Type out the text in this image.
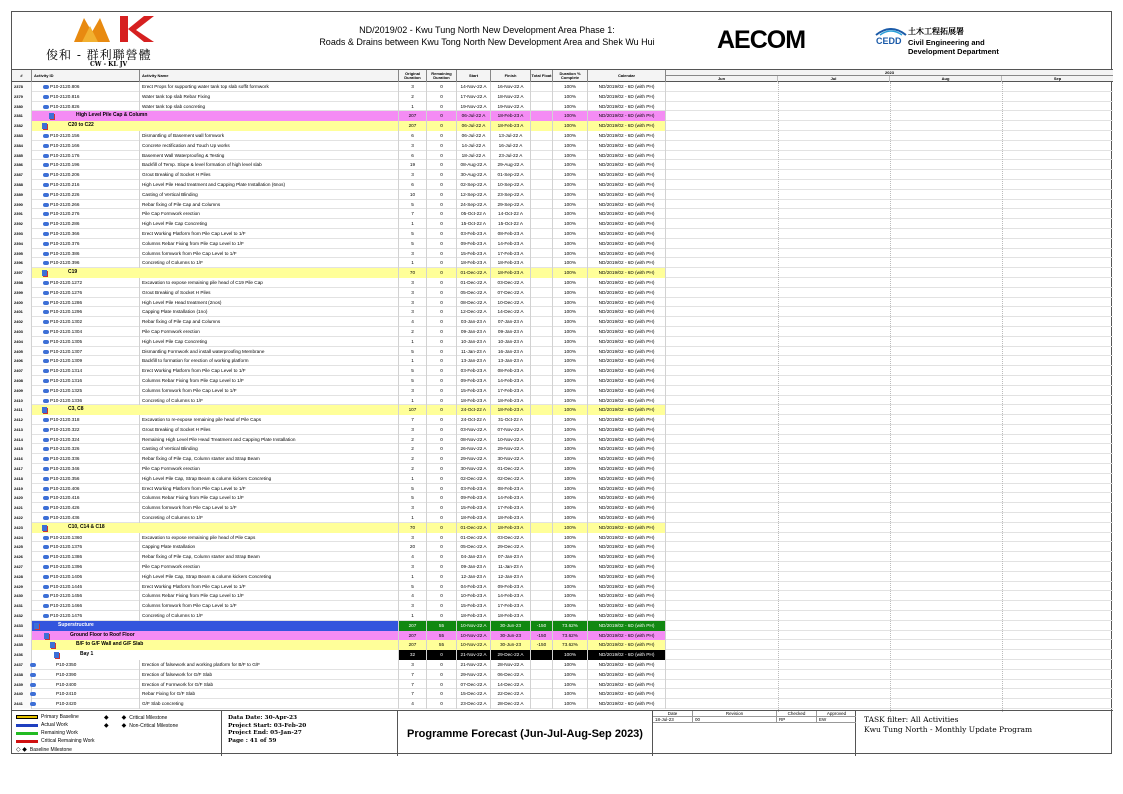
俊和 - 群利聯營體
CW - KL JV
ND/2019/02 - Kwu Tung North New Development Area Phase 1:
Roads & Drains between Kwu Tong North New Development Area and Shek Wu Hui	AECOM	CEDD
土木工程拓展署
Civil Engineering and
Development Department
#	Activity ID	Activity Name	Original Duration
Remaining Duration	Start	Finish	Total Float	Duration % Complete	Calendar
2023
Jun	Jul	Aug	Sep
2378	P10-2120.806	Erect Props for supporting water tank top slab soffit formwork	3	0	14-Nov-22 A	16-Nov-22 A	100%	ND/2019/02 - 6D (with PH)
2379	P10-2120.816	Water tank top slab Rebar Fixing	2	0	17-Nov-22 A	18-Nov-22 A	100%	ND/2019/02 - 6D (with PH)
2380	P10-2120.826	Water tank top slab concreting	1	0	19-Nov-22 A	19-Nov-22 A	100%	ND/2019/02 - 6D (with PH)
2381	High Level Pile Cap & Column	207	0	06-Jul-22 A	18-Feb-23 A	100%	ND/2019/02 - 6D (with PH)
2382	C20 to C22	207	0	06-Jul-22 A	18-Feb-23 A	100%	ND/2019/02 - 6D (with PH)
2383	P10-2120.156	Dismantling of Basement wall formwork	6	0	06-Jul-22 A	13-Jul-22 A	100%	ND/2019/02 - 6D (with PH)
2384	P10-2120.166	Concrete rectification and Touch Up works	3	0	14-Jul-22 A	16-Jul-22 A	100%	ND/2019/02 - 6D (with PH)
2385	P10-2120.176	Basement Wall Waterproofing & Testing	6	0	18-Jul-22 A	23-Jul-22 A	100%	ND/2019/02 - 6D (with PH)
2386	P10-2120.196	Backfill of Temp. Slope & level formation of high level slab	19	0	08-Aug-22 A	29-Aug-22 A	100%	ND/2019/02 - 6D (with PH)
2387	P10-2120.206	Grout Breaking of Socket H Piles	3	0	30-Aug-22 A	01-Sep-22 A	100%	ND/2019/02 - 6D (with PH)
2388	P10-2120.216	High Level Pile Head treatment and Capping Plate Installation (6nos)	6	0	02-Sep-22 A	10-Sep-22 A	100%	ND/2019/02 - 6D (with PH)
2389	P10-2120.226	Casting of Vertical Blinding	10	0	12-Sep-22 A	23-Sep-22 A	100%	ND/2019/02 - 6D (with PH)
2390	P10-2120.266	Rebar fixing of Pile Cap and Columns	5	0	24-Sep-22 A	29-Sep-22 A	100%	ND/2019/02 - 6D (with PH)
2391	P10-2120.276	Pile Cap Formwork erection	7	0	05-Oct-22 A	14-Oct-22 A	100%	ND/2019/02 - 6D (with PH)
2392	P10-2120.286	High Level Pile Cap Concreting	1	0	15-Oct-22 A	15-Oct-22 A	100%	ND/2019/02 - 6D (with PH)
2393	P10-2120.366	Erect Working Platform from Pile Cap Level to 1/F	5	0	03-Feb-23 A	08-Feb-23 A	100%	ND/2019/02 - 6D (with PH)
2394	P10-2120.376	Columns Rebar Fixing from Pile Cap Level to 1/F	5	0	09-Feb-23 A	14-Feb-23 A	100%	ND/2019/02 - 6D (with PH)
2395	P10-2120.386	Columns formwork from Pile Cap Level to 1/F	3	0	15-Feb-23 A	17-Feb-23 A	100%	ND/2019/02 - 6D (with PH)
2396	P10-2120.396	Concreting of Columns to 1/F	1	0	18-Feb-23 A	18-Feb-23 A	100%	ND/2019/02 - 6D (with PH)
2397	C19	70	0	01-Dec-22 A	18-Feb-23 A	100%	ND/2019/02 - 6D (with PH)
2398	P10-2120.1272	Excavation to expose remaining pile head of C19 Pile Cap	3	0	01-Dec-22 A	03-Dec-22 A	100%	ND/2019/02 - 6D (with PH)
2399	P10-2120.1276	Grout Breaking of Socket H Piles	3	0	05-Dec-22 A	07-Dec-22 A	100%	ND/2019/02 - 6D (with PH)
2400	P10-2120.1286	High Level Pile Head treatment (2nos)	3	0	08-Dec-22 A	10-Dec-22 A	100%	ND/2019/02 - 6D (with PH)
2401	P10-2120.1296	Capping Plate Installation (1no)	3	0	12-Dec-22 A	14-Dec-22 A	100%	ND/2019/02 - 6D (with PH)
2402	P10-2120.1302	Rebar fixing of Pile Cap and Columns	4	0	03-Jan-23 A	07-Jan-23 A	100%	ND/2019/02 - 6D (with PH)
2403	P10-2120.1304	Pile Cap Formwork erection	2	0	09-Jan-23 A	09-Jan-23 A	100%	ND/2019/02 - 6D (with PH)
2404	P10-2120.1305	High Level Pile Cap Concreting	1	0	10-Jan-23 A	10-Jan-23 A	100%	ND/2019/02 - 6D (with PH)
2405	P10-2120.1307	Dismantling Formwork and install waterproofing Membrane	5	0	11-Jan-23 A	16-Jan-23 A	100%	ND/2019/02 - 6D (with PH)
2406	P10-2120.1309	Backfill to formation for erection of working platform	1	0	13-Jan-23 A	13-Jan-23 A	100%	ND/2019/02 - 6D (with PH)
2407	P10-2120.1314	Erect Working Platform from Pile Cap Level to 1/F	5	0	03-Feb-23 A	08-Feb-23 A	100%	ND/2019/02 - 6D (with PH)
2408	P10-2120.1316	Columns Rebar Fixing from Pile Cap Level to 1/F	5	0	09-Feb-23 A	14-Feb-23 A	100%	ND/2019/02 - 6D (with PH)
2409	P10-2120.1325	Columns formwork from Pile Cap Level to 1/F	3	0	15-Feb-23 A	17-Feb-23 A	100%	ND/2019/02 - 6D (with PH)
2410	P10-2120.1336	Concreting of Columns to 1/F	1	0	18-Feb-23 A	18-Feb-23 A	100%	ND/2019/02 - 6D (with PH)
2411	C3, C8	107	0	24-Oct-22 A	18-Feb-23 A	100%	ND/2019/02 - 6D (with PH)
2412	P10-2120.318	Excavation to re-expose remaining pile head of Pile Caps	7	0	24-Oct-22 A	31-Oct-22 A	100%	ND/2019/02 - 6D (with PH)
2413	P10-2120.322	Grout Breaking of Socket H Piles	3	0	03-Nov-22 A	07-Nov-22 A	100%	ND/2019/02 - 6D (with PH)
2414	P10-2120.324	Remaining High Level Pile Head Treatment and Capping Plate Installation	2	0	08-Nov-22 A	10-Nov-22 A	100%	ND/2019/02 - 6D (with PH)
2415	P10-2120.326	Casting of Vertical Blinding	2	0	26-Nov-22 A	29-Nov-22 A	100%	ND/2019/02 - 6D (with PH)
2416	P10-2120.336	Rebar fixing of Pile Cap, Column starter and Strap Beam	2	0	29-Nov-22 A	30-Nov-22 A	100%	ND/2019/02 - 6D (with PH)
2417	P10-2120.346	Pile Cap Formwork erection	2	0	30-Nov-22 A	01-Dec-22 A	100%	ND/2019/02 - 6D (with PH)
2418	P10-2120.356	High Level Pile Cap, Strap Beam & column kickers Concreting	1	0	02-Dec-22 A	02-Dec-22 A	100%	ND/2019/02 - 6D (with PH)
2419	P10-2120.406	Erect Working Platform from Pile Cap Level to 1/F	5	0	03-Feb-23 A	08-Feb-23 A	100%	ND/2019/02 - 6D (with PH)
2420	P10-2120.416	Columns Rebar Fixing from Pile Cap Level to 1/F	5	0	09-Feb-23 A	14-Feb-23 A	100%	ND/2019/02 - 6D (with PH)
2421	P10-2120.426	Columns formwork from Pile Cap Level to 1/F	3	0	15-Feb-23 A	17-Feb-23 A	100%	ND/2019/02 - 6D (with PH)
2422	P10-2120.436	Concreting of Columns to 1/F	1	0	18-Feb-23 A	18-Feb-23 A	100%	ND/2019/02 - 6D (with PH)
2423	C10, C14 & C18	70	0	01-Dec-22 A	18-Feb-23 A	100%	ND/2019/02 - 6D (with PH)
2424	P10-2120.1360	Excavation to expose remaining pile head of Pile Caps	3	0	01-Dec-22 A	03-Dec-22 A	100%	ND/2019/02 - 6D (with PH)
2425	P10-2120.1376	Capping Plate Installation	20	0	05-Dec-22 A	29-Dec-22 A	100%	ND/2019/02 - 6D (with PH)
2426	P10-2120.1386	Rebar fixing of Pile Cap, Column starter and Strap Beam	4	0	04-Jan-23 A	07-Jan-23 A	100%	ND/2019/02 - 6D (with PH)
2427	P10-2120.1396	Pile Cap Formwork erection	3	0	09-Jan-23 A	11-Jan-23 A	100%	ND/2019/02 - 6D (with PH)
2428	P10-2120.1406	High Level Pile Cap, Strap Beam & column kickers Concreting	1	0	12-Jan-23 A	12-Jan-23 A	100%	ND/2019/02 - 6D (with PH)
2429	P10-2120.1446	Erect Working Platform from Pile Cap Level to 1/F	5	0	04-Feb-23 A	09-Feb-23 A	100%	ND/2019/02 - 6D (with PH)
2430	P10-2120.1456	Columns Rebar Fixing from Pile Cap Level to 1/F	4	0	10-Feb-23 A	14-Feb-23 A	100%	ND/2019/02 - 6D (with PH)
2431	P10-2120.1466	Columns formwork from Pile Cap Level to 1/F	3	0	15-Feb-23 A	17-Feb-23 A	100%	ND/2019/02 - 6D (with PH)
2432	P10-2120.1476	Concreting of Columns to 1/F	1	0	18-Feb-23 A	18-Feb-23 A	100%	ND/2019/02 - 6D (with PH)
2433	Superstructure	207	55	10-Nov-22 A	30-Jun-23	-150	73.62%	ND/2019/02 - 6D (with PH)
2434	Ground Floor to Roof Floor	207	55	10-Nov-22 A	30-Jun-23	-150	73.62%	ND/2019/02 - 6D (with PH)
2435	B/F to G/F Wall and G/F Slab	207	55	10-Nov-22 A	30-Jun-23	-150	73.62%	ND/2019/02 - 6D (with PH)
2436	Bay 1	32	0	21-Nov-22 A	29-Dec-22 A	100%	ND/2019/02 - 6D (with PH)
2437	P10-2350	Erection of falsework and working platform for B/F to G/F	3	0	21-Nov-22 A	28-Nov-22 A	100%	ND/2019/02 - 6D (with PH)
2438	P10-2390	Erection of falsework for G/F Slab	7	0	29-Nov-22 A	06-Dec-22 A	100%	ND/2019/02 - 6D (with PH)
2439	P10-2400	Erection of Formwork for G/F Slab	7	0	07-Dec-22 A	14-Dec-22 A	100%	ND/2019/02 - 6D (with PH)
2440	P10-2410	Rebar Fixing for G/F Slab	7	0	15-Dec-22 A	22-Dec-22 A	100%	ND/2019/02 - 6D (with PH)
2441	P10-2420	G/F Slab concreting	4	0	23-Dec-22 A	28-Dec-22 A	100%	ND/2019/02 - 6D (with PH)
Primary Baseline
Actual Work
Remaining Work
Critical Remaining Work
◇ ◆ Baseline Milestone
◆ ◆ Critical Milestone
◆ ◆ Non-Critical Milestone
Data Date: 30-Apr-23
Project Start: 03-Feb-20
Project End: 05-Jan-27
Page : 41 of 59
Programme Forecast (Jun-Jul-Aug-Sep 2023)
Date	Revision	Checked	Approved
18-Jul-23	00	RP	EW	TASK filter: All Activities
Kwu Tung North - Monthly Update Program
